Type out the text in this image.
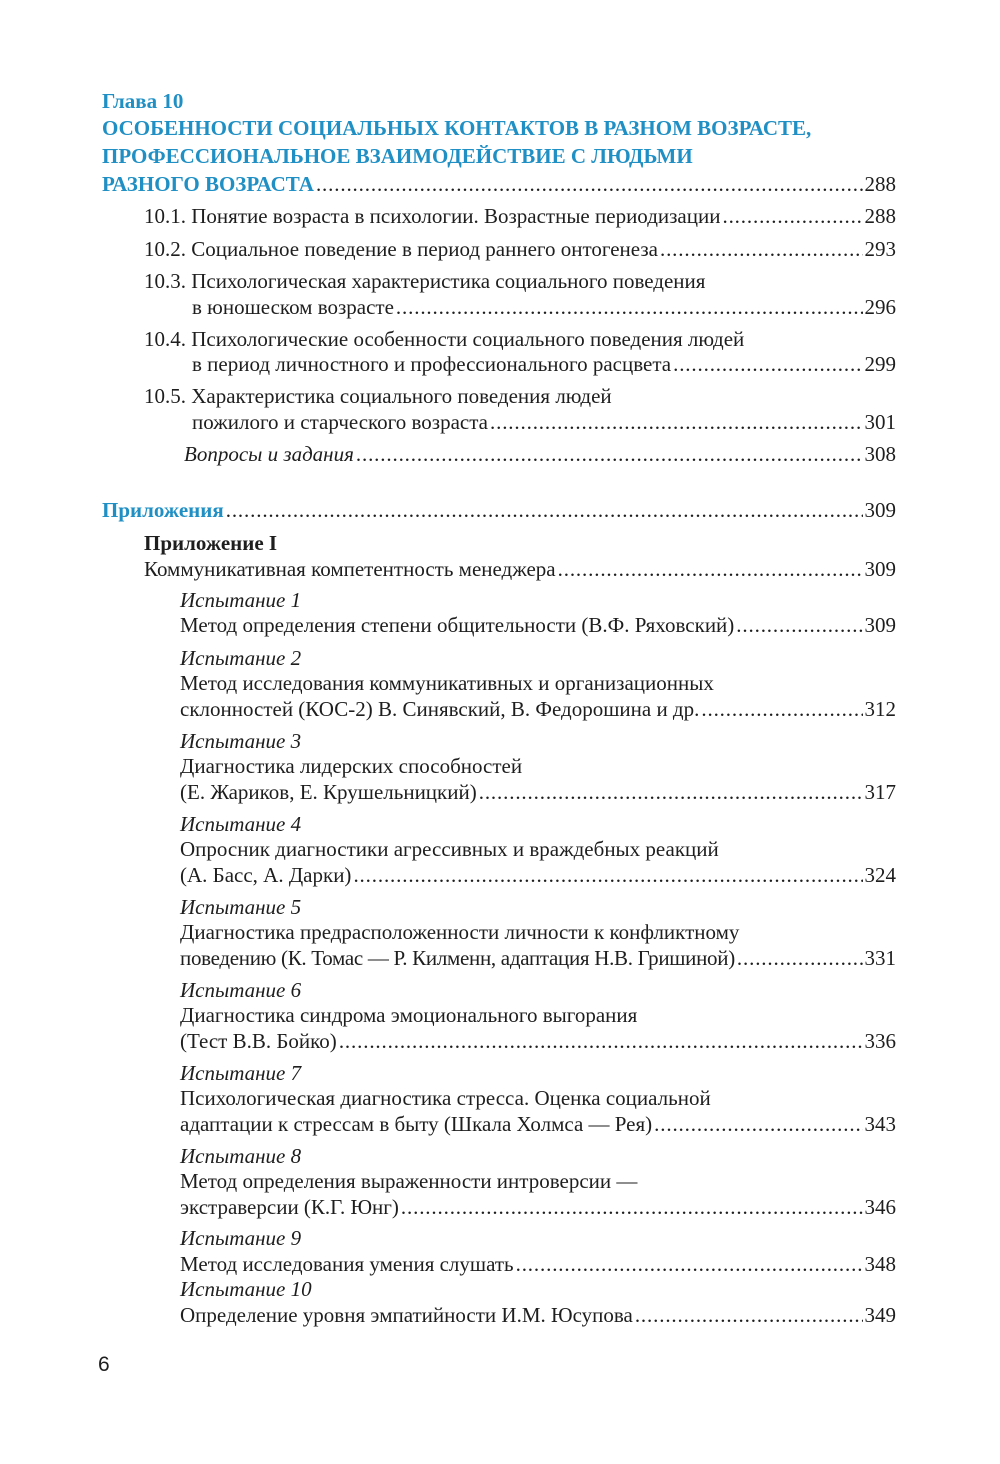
Глава 10
ОСОБЕННОСТИ СОЦИАЛЬНЫХ КОНТАКТОВ В РАЗНОМ ВОЗРАСТЕ,
ПРОФЕССИОНАЛЬНОЕ ВЗАИМОДЕЙСТВИЕ С ЛЮДЬМИ
РАЗНОГО ВОЗРАСТА . . .	288
10.1. Понятие возраста в психологии. Возрастные периодизации . . .	288
10.2. Социальное поведение в период раннего онтогенеза . . .	293
10.3. Психологическая характеристика социального поведения
в юношеском возрасте . . .	296
10.4. Психологические особенности социального поведения людей
в период личностного и профессионального расцвета . . .	299
10.5. Характеристика социального поведения людей
пожилого и старческого возраста . . .	301
Вопросы и задания . . .	308
Приложения . . .	309
Приложение I
Коммуникативная компетентность менеджера . . .	309
Испытание 1
Метод определения степени общительности (В.Ф. Ряховский) . . .	309
Испытание 2
Метод исследования коммуникативных и организационных
склонностей (КОС-2) В. Синявский, В. Федорошина и др. . . .	312
Испытание 3
Диагностика лидерских способностей
(Е. Жариков, Е. Крушельницкий) . . .	317
Испытание 4
Опросник диагностики агрессивных и враждебных реакций
(А. Басс, А. Дарки) . . .	324
Испытание 5
Диагностика предрасположенности личности к конфликтному
поведению (К. Томас — Р. Килменн, адаптация Н.В. Гришиной) . . .	331
Испытание 6
Диагностика синдрома эмоционального выгорания
(Тест В.В. Бойко) . . .	336
Испытание 7
Психологическая диагностика стресса. Оценка социальной
адаптации к стрессам в быту (Шкала Холмса — Рея) . . .	343
Испытание 8
Метод определения выраженности интроверсии —
экстраверсии (К.Г. Юнг) . . .	346
Испытание 9
Метод исследования умения слушать . . .	348
Испытание 10
Определение уровня эмпатийности И.М. Юсупова . . .	349
6
